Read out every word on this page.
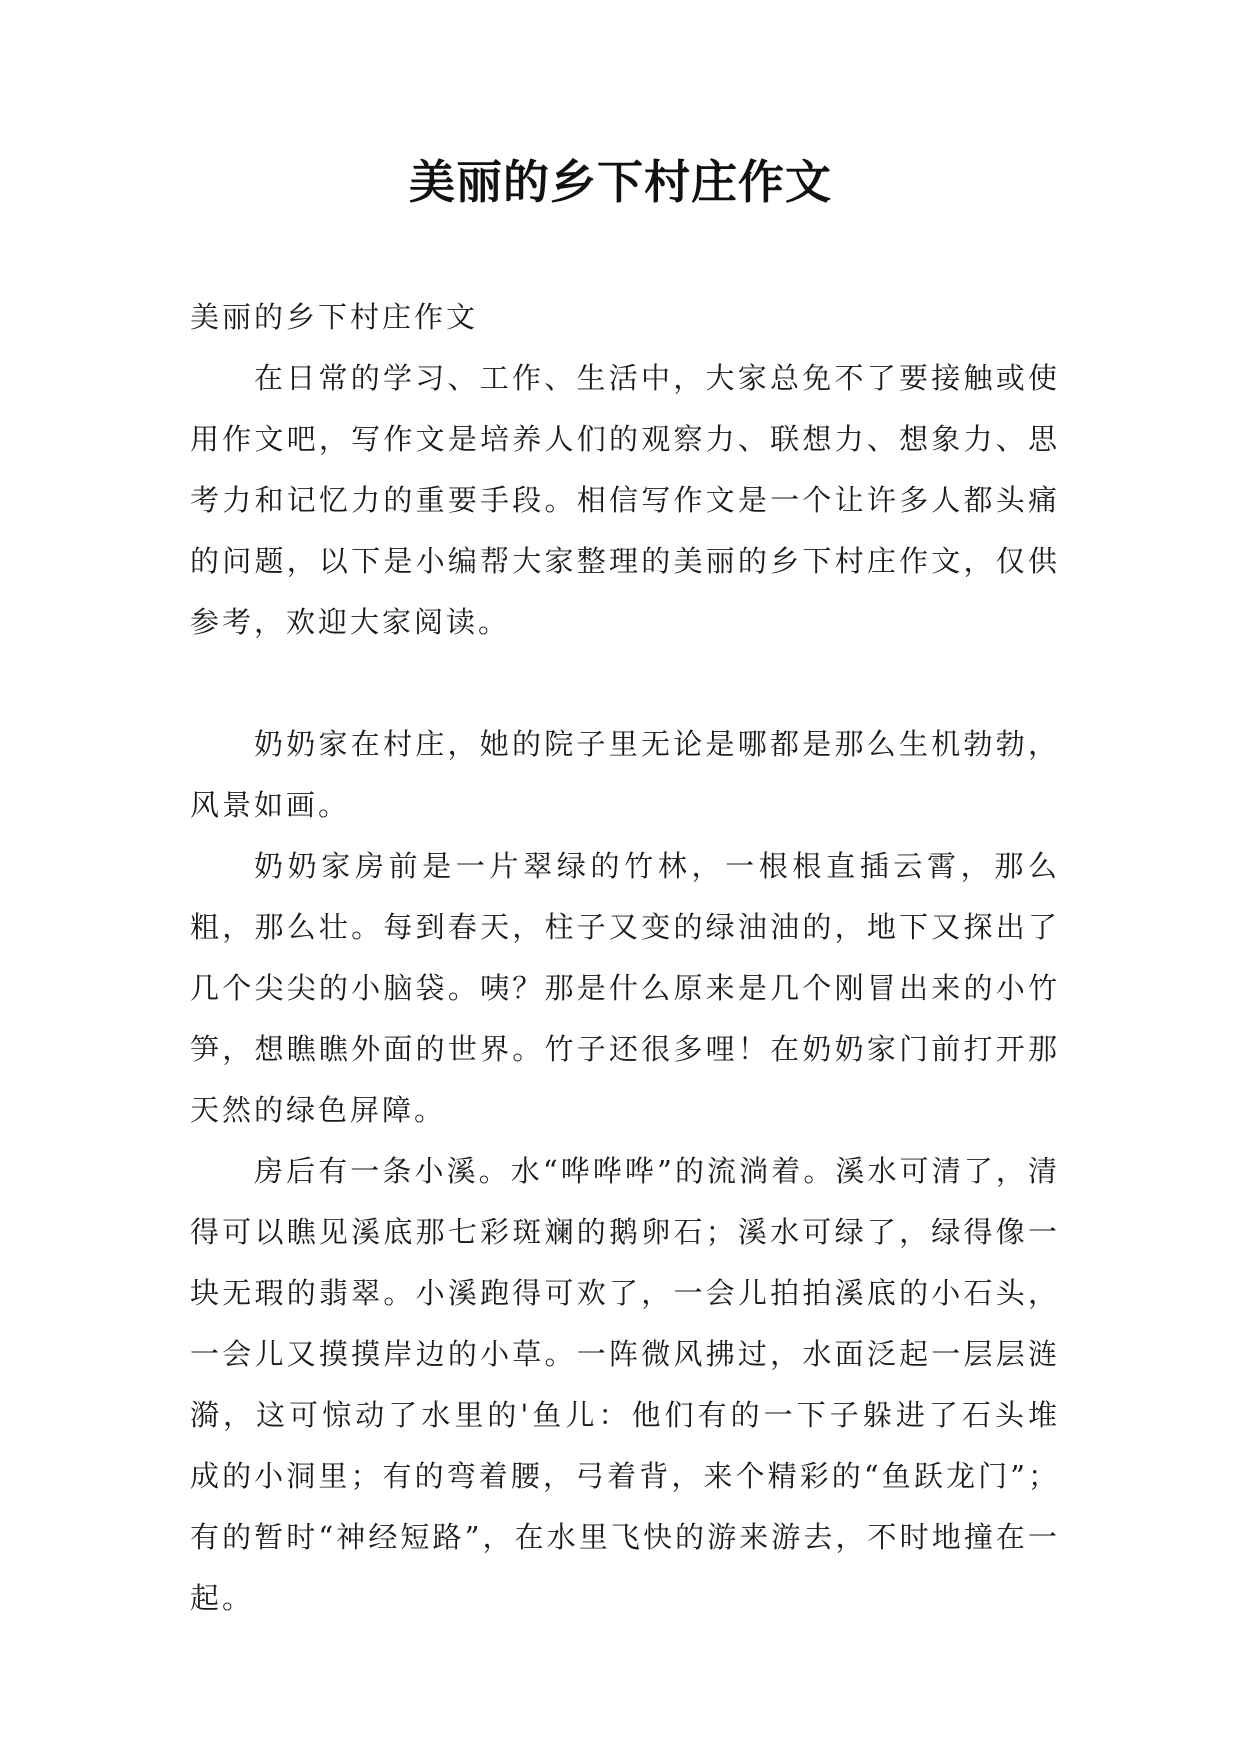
美丽的乡下村庄作文

美丽的乡下村庄作文

在日常的学习、工作、生活中，大家总免不了要接触或使用作文吧，写作文是培养人们的观察力、联想力、想象力、思考力和记忆力的重要手段。相信写作文是一个让许多人都头痛的问题，以下是小编帮大家整理的美丽的乡下村庄作文，仅供参考，欢迎大家阅读。

奶奶家在村庄，她的院子里无论是哪都是那么生机勃勃，风景如画。

奶奶家房前是一片翠绿的竹林，一根根直插云霄，那么粗，那么壮。每到春天，柱子又变的绿油油的，地下又探出了几个尖尖的小脑袋。咦？那是什么原来是几个刚冒出来的小竹笋，想瞧瞧外面的世界。竹子还很多哩！在奶奶家门前打开那天然的绿色屏障。

房后有一条小溪。水“哗哗哗”的流淌着。溪水可清了，清得可以瞧见溪底那七彩斑斓的鹅卵石；溪水可绿了，绿得像一块无瑕的翡翠。小溪跑得可欢了，一会儿拍拍溪底的小石头，一会儿又摸摸岸边的小草。一阵微风拂过，水面泛起一层层涟漪，这可惊动了水里的'鱼儿：他们有的一下子躲进了石头堆成的小洞里；有的弯着腰，弓着背，来个精彩的“鱼跃龙门”；有的暂时“神经短路”，在水里飞快的游来游去，不时地撞在一起。
